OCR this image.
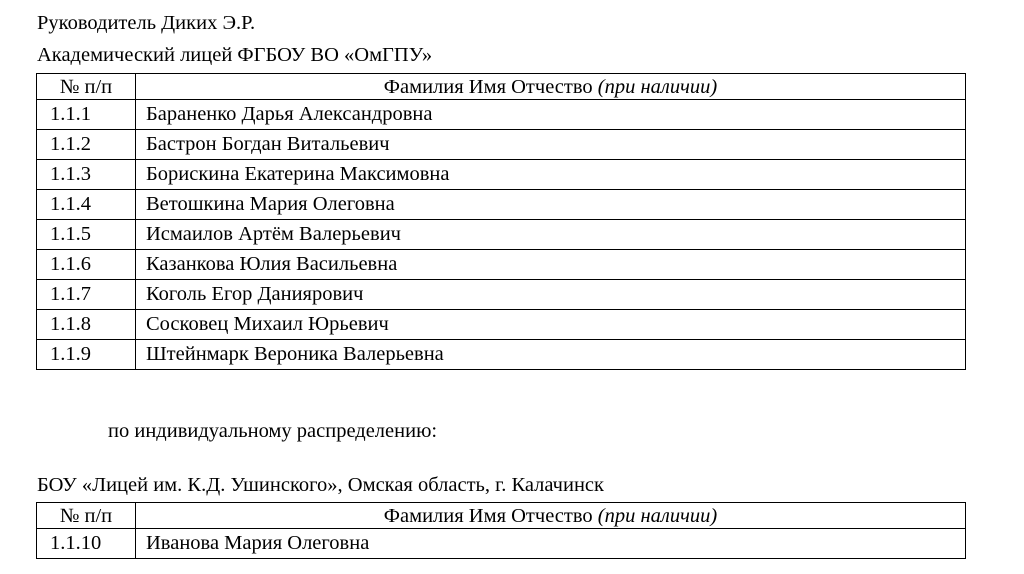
Руководитель Диких Э.Р.
Академический лицей ФГБОУ ВО «ОмГПУ»
№ п/п	Фамилия Имя Отчество (при наличии)
1.1.1	Бараненко Дарья Александровна
1.1.2	Бастрон Богдан Витальевич
1.1.3	Борискина Екатерина Максимовна
1.1.4	Ветошкина Мария Олеговна
1.1.5	Исмаилов Артём Валерьевич
1.1.6	Казанкова Юлия Васильевна
1.1.7	Коголь Егор Даниярович
1.1.8	Сосковец Михаил Юрьевич
1.1.9	Штейнмарк Вероника Валерьевна
по индивидуальному распределению:
БОУ «Лицей им. К.Д. Ушинского», Омская область, г. Калачинск
№ п/п	Фамилия Имя Отчество (при наличии)
1.1.10	Иванова Мария Олеговна
